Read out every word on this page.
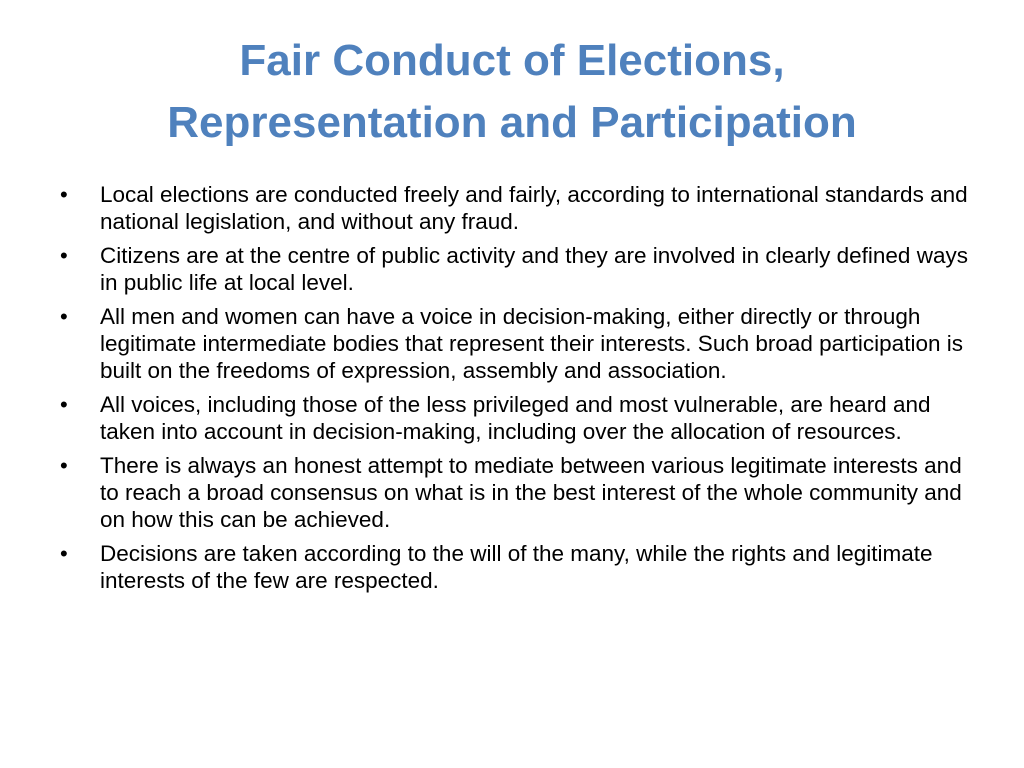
Fair Conduct of Elections,
Representation and Participation
•	Local elections are conducted freely and fairly, according to international standards and national legislation, and without any fraud.
•	Citizens are at the centre of public activity and they are involved in clearly defined ways in public life at local level.
•	All men and women can have a voice in decision-making, either directly or through legitimate intermediate bodies that represent their interests. Such broad participation is built on the freedoms of expression, assembly and association.
•	All voices, including those of the less privileged and most vulnerable, are heard and taken into account in decision-making, including over the allocation of resources.
•	There is always an honest attempt to mediate between various legitimate interests and to reach a broad consensus on what is in the best interest of the whole community and on how this can be achieved.
•	Decisions are taken according to the will of the many, while the rights and legitimate interests of the few are respected.
